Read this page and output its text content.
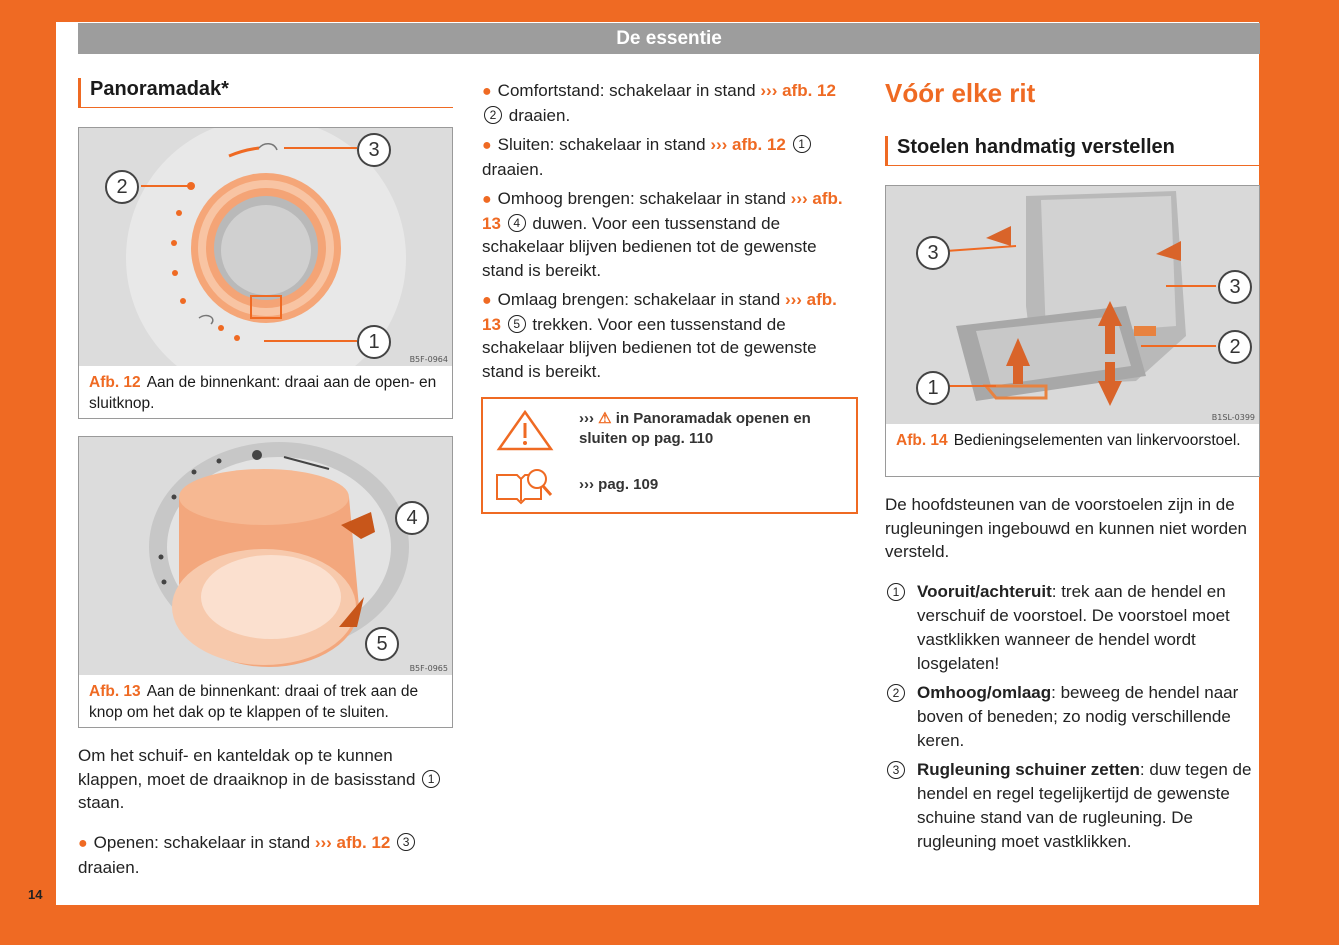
De essentie
Panoramadak*
2
3
1
B5F-0964
Afb. 12 Aan de binnenkant: draai aan de open- en sluitknop.
4
5
B5F-0965
Afb. 13 Aan de binnenkant: draai of trek aan de knop om het dak op te klappen of te sluiten.
Om het schuif- en kanteldak op te kunnen klappen, moet de draaiknop in de basisstand 1 staan.
● Openen: schakelaar in stand ››› afb. 12 3 draaien.
● Comfortstand: schakelaar in stand ››› afb. 12 2 draaien.
● Sluiten: schakelaar in stand ››› afb. 12 1 draaien.
● Omhoog brengen: schakelaar in stand ››› afb. 13 4 duwen. Voor een tussenstand de schakelaar blijven bedienen tot de gewenste stand is bereikt.
● Omlaag brengen: schakelaar in stand ››› afb. 13 5 trekken. Voor een tussenstand de schakelaar blijven bedienen tot de gewenste stand is bereikt.
››› ⚠ in Panoramadak openen en
sluiten op pag. 110
››› pag. 109
Vóór elke rit
Stoelen handmatig verstellen
3
3
2
1
B1SL-0399
Afb. 14 Bedieningselementen van linkervoorstoel.
De hoofdsteunen van de voorstoelen zijn in de rugleuningen ingebouwd en kunnen niet worden versteld.
1	Vooruit/achteruit: trek aan de hendel en verschuif de voorstoel. De voorstoel moet vastklikken wanneer de hendel wordt losgelaten!
2	Omhoog/omlaag: beweeg de hendel naar boven of beneden; zo nodig verschillende keren.
3	Rugleuning schuiner zetten: duw tegen de hendel en regel tegelijkertijd de gewenste schuine stand van de rugleuning. De rugleuning moet vastklikken.
14
